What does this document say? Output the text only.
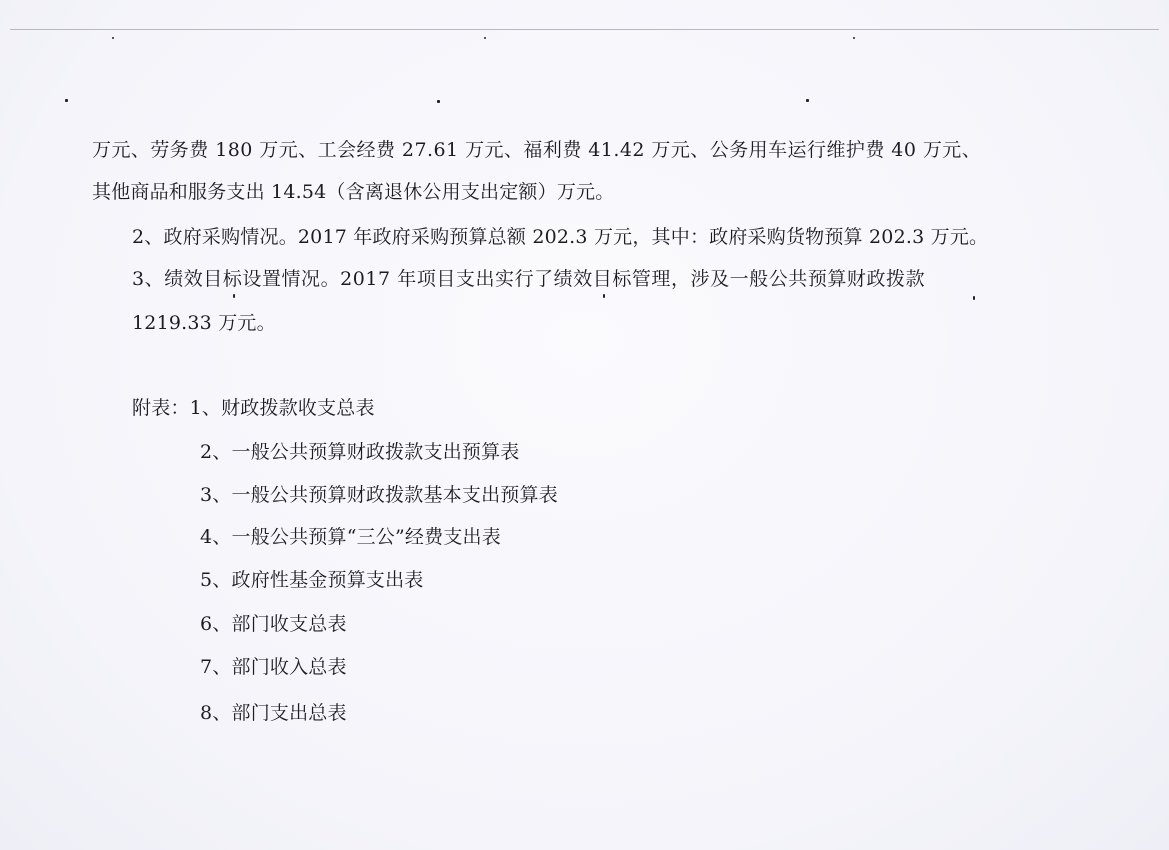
万元、劳务费 180 万元、工会经费 27.61 万元、福利费 41.42 万元、公务用车运行维护费 40 万元、
其他商品和服务支出 14.54（含离退休公用支出定额）万元。
2、政府采购情况。2017 年政府采购预算总额 202.3 万元，其中：政府采购货物预算 202.3 万元。
3、绩效目标设置情况。2017 年项目支出实行了绩效目标管理，涉及一般公共预算财政拨款
1219.33 万元。
附表：1、财政拨款收支总表
2、一般公共预算财政拨款支出预算表
3、一般公共预算财政拨款基本支出预算表
4、一般公共预算“三公”经费支出表
5、政府性基金预算支出表
6、部门收支总表
7、部门收入总表
8、部门支出总表
